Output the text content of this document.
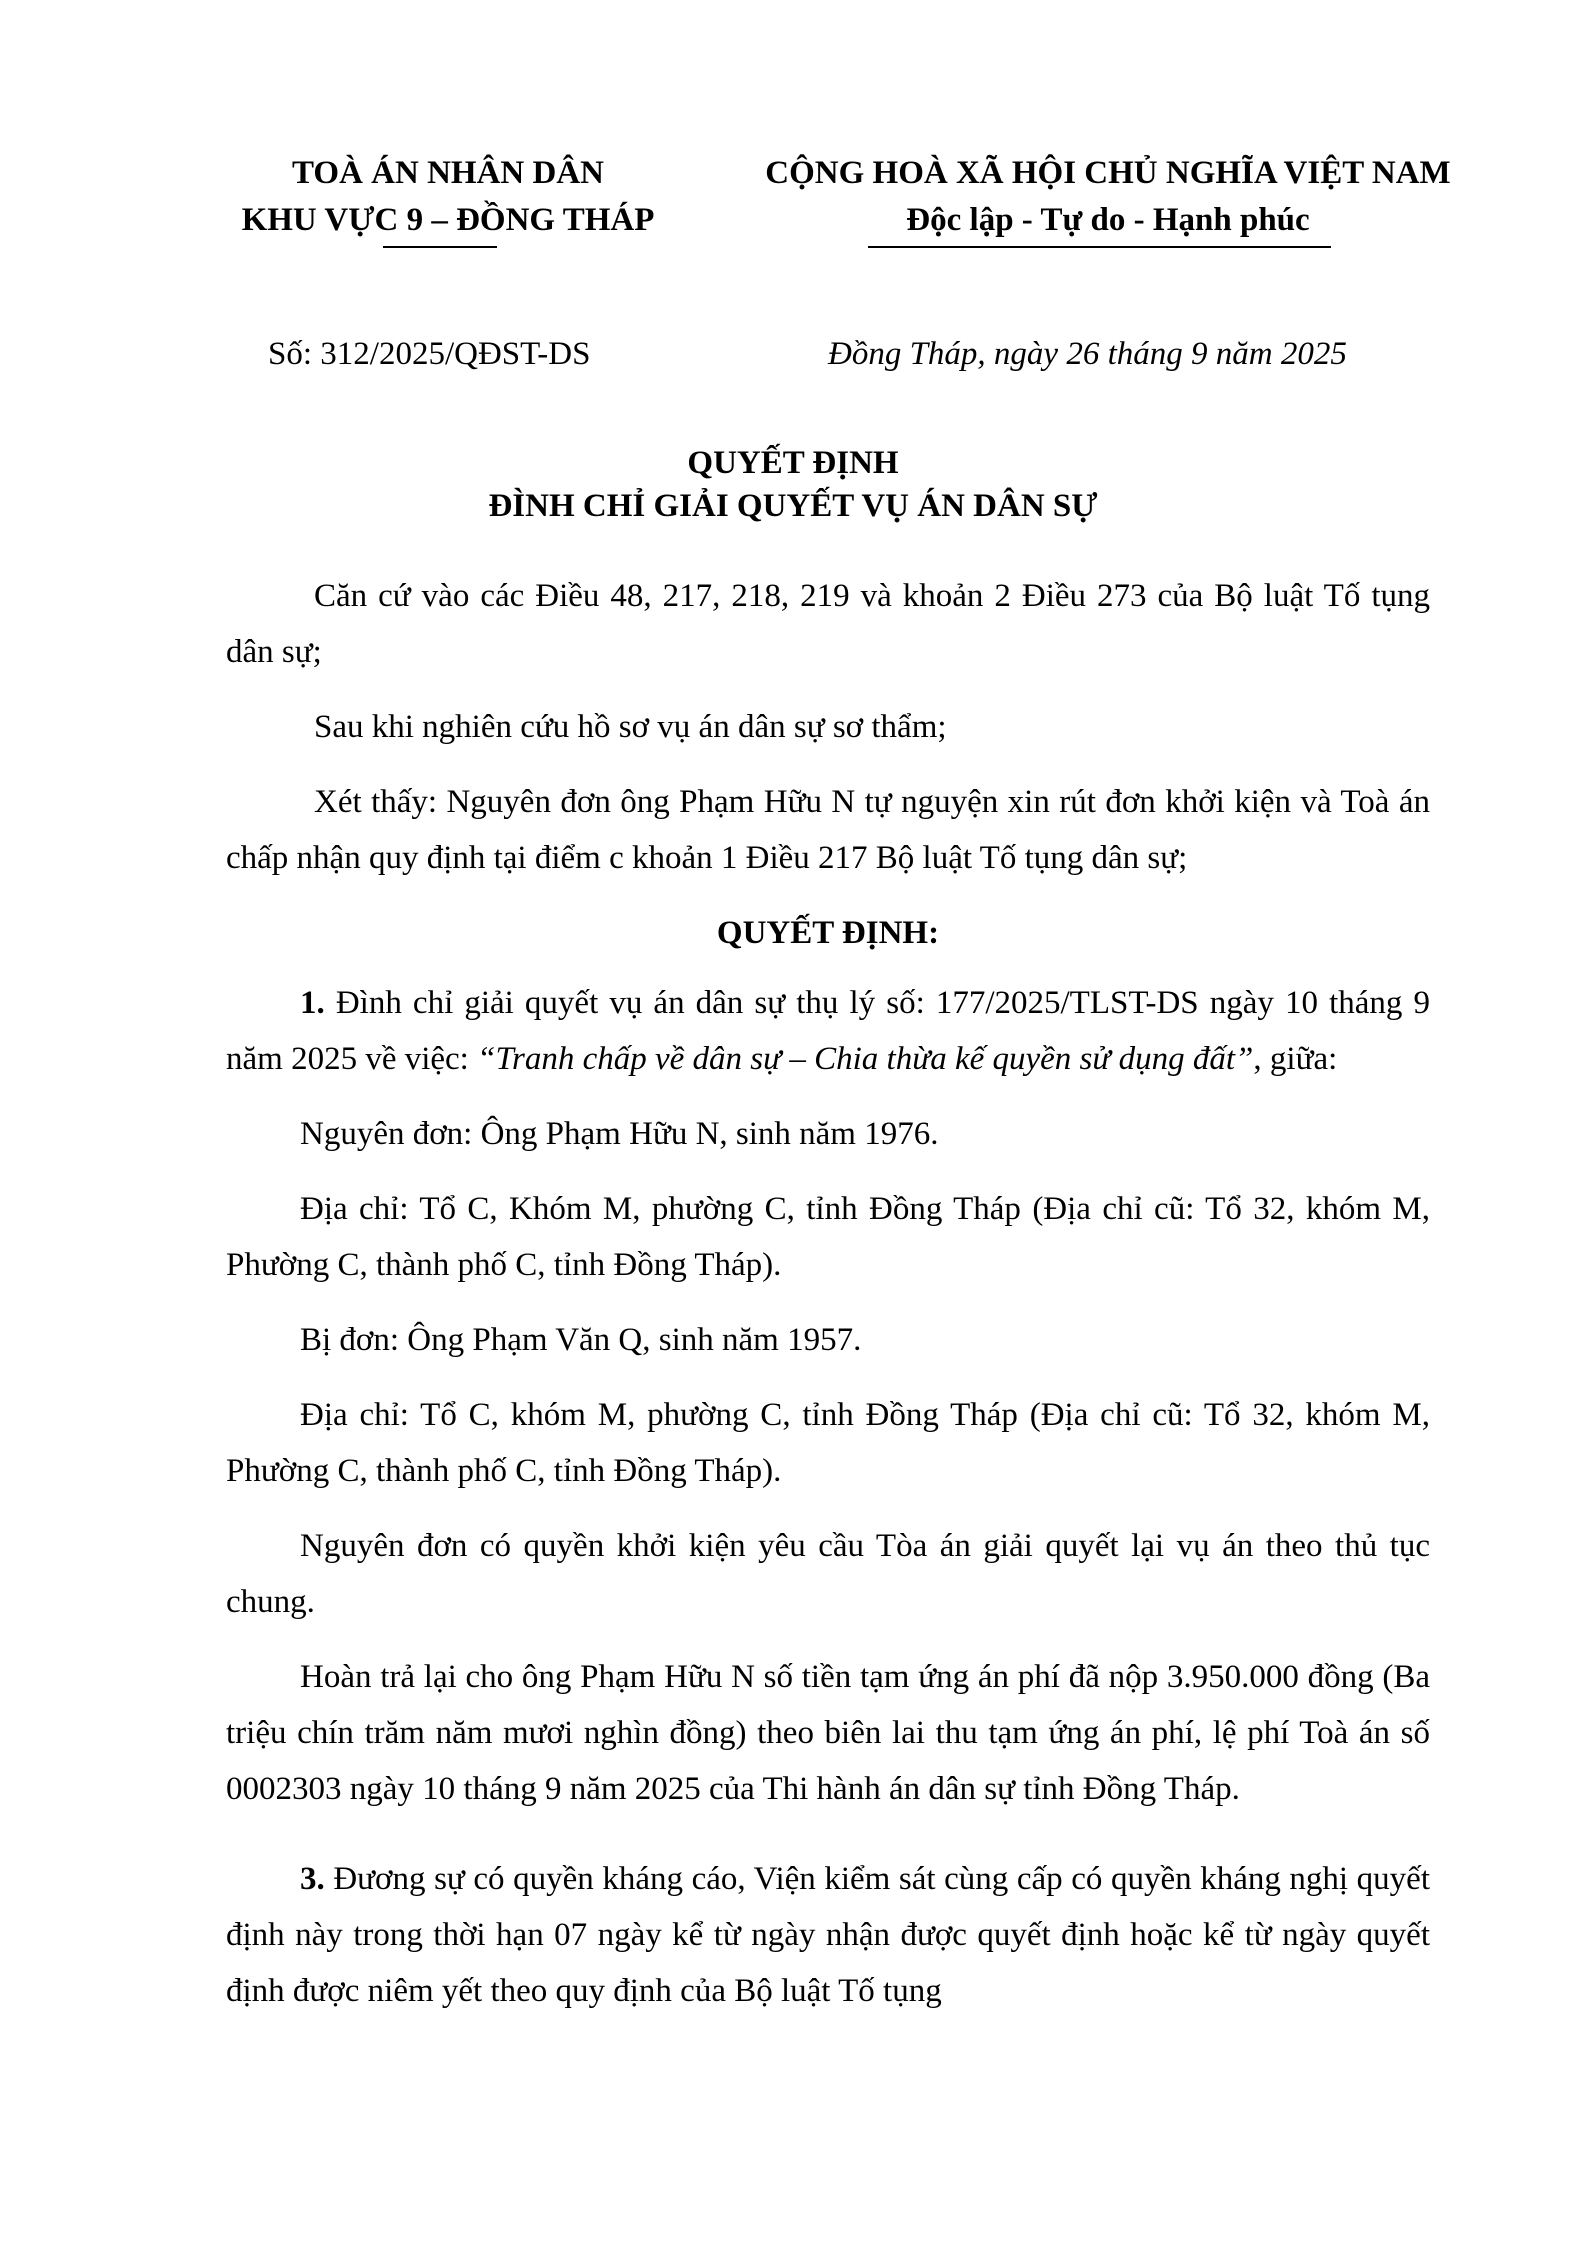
TOÀ ÁN NHÂN DÂN
KHU VỰC 9 – ĐỒNG THÁP
CỘNG HOÀ XÃ HỘI CHỦ NGHĨA VIỆT NAM
Độc lập - Tự do - Hạnh phúc
Số: 312/2025/QĐST-DS	Đồng Tháp, ngày 26 tháng 9 năm 2025
QUYẾT ĐỊNH
ĐÌNH CHỈ GIẢI QUYẾT VỤ ÁN DÂN SỰ

Căn cứ vào các Điều 48, 217, 218, 219 và khoản 2 Điều 273 của Bộ luật Tố tụng dân sự;

Sau khi nghiên cứu hồ sơ vụ án dân sự sơ thẩm;

Xét thấy: Nguyên đơn ông Phạm Hữu N tự nguyện xin rút đơn khởi kiện và Toà án chấp nhận quy định tại điểm c khoản 1 Điều 217 Bộ luật Tố tụng dân sự;

QUYẾT ĐỊNH:

1. Đình chỉ giải quyết vụ án dân sự thụ lý số: 177/2025/TLST-DS ngày 10 tháng 9 năm 2025 về việc: “Tranh chấp về dân sự – Chia thừa kế quyền sử dụng đất”, giữa:

Nguyên đơn: Ông Phạm Hữu N, sinh năm 1976.

Địa chỉ: Tổ C, Khóm M, phường C, tỉnh Đồng Tháp (Địa chỉ cũ: Tổ 32, khóm M, Phường C, thành phố C, tỉnh Đồng Tháp).

Bị đơn: Ông Phạm Văn Q, sinh năm 1957.

Địa chỉ: Tổ C, khóm M, phường C, tỉnh Đồng Tháp (Địa chỉ cũ: Tổ 32, khóm M, Phường C, thành phố C, tỉnh Đồng Tháp).

Nguyên đơn có quyền khởi kiện yêu cầu Tòa án giải quyết lại vụ án theo thủ tục chung.

Hoàn trả lại cho ông Phạm Hữu N số tiền tạm ứng án phí đã nộp 3.950.000 đồng (Ba triệu chín trăm năm mươi nghìn đồng) theo biên lai thu tạm ứng án phí, lệ phí Toà án số 0002303 ngày 10 tháng 9 năm 2025 của Thi hành án dân sự tỉnh Đồng Tháp.

3. Đương sự có quyền kháng cáo, Viện kiểm sát cùng cấp có quyền kháng nghị quyết định này trong thời hạn 07 ngày kể từ ngày nhận được quyết định hoặc kể từ ngày quyết định được niêm yết theo quy định của Bộ luật Tố tụng
